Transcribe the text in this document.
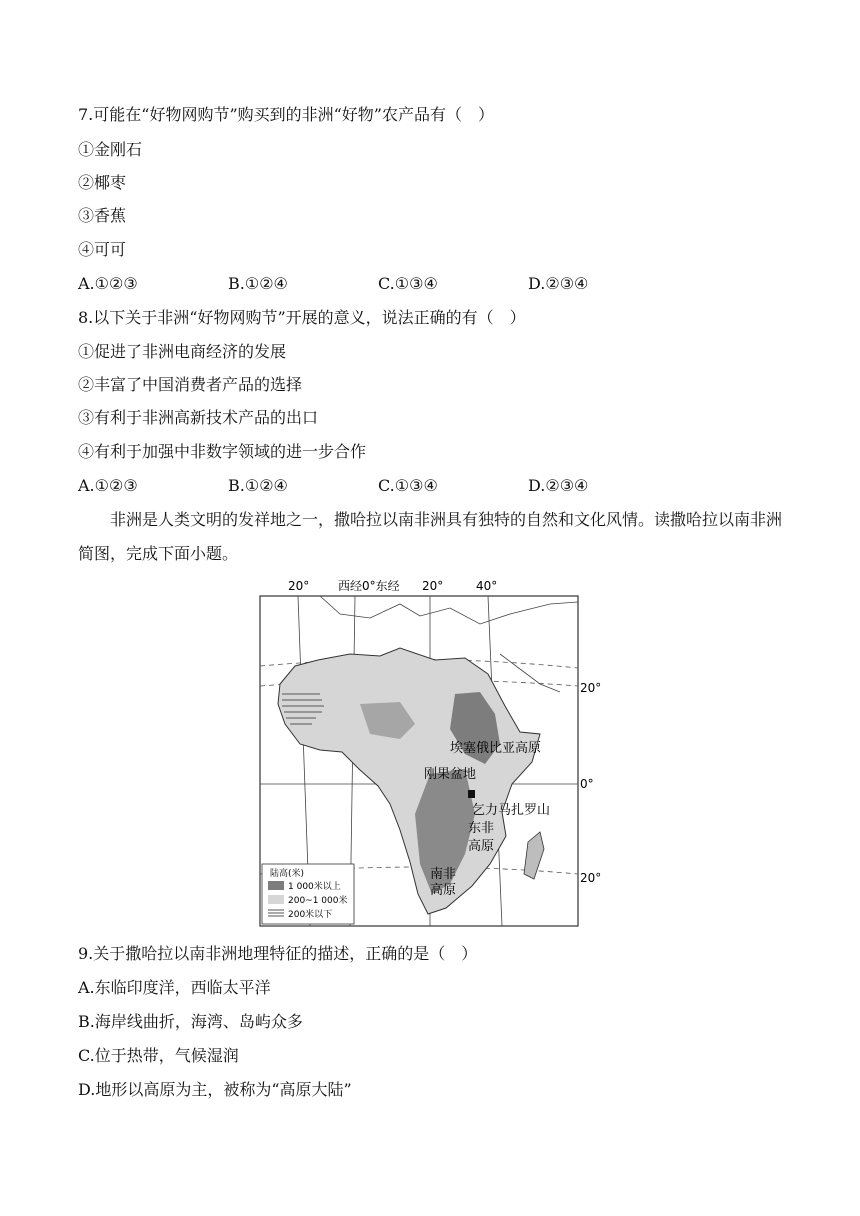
7.可能在“好物网购节”购买到的非洲“好物”农产品有（　）
①金刚石
②椰枣
③香蕉
④可可
A.①②③	B.①②④	C.①③④	D.②③④
8.以下关于非洲“好物网购节”开展的意义，说法正确的有（　）
①促进了非洲电商经济的发展
②丰富了中国消费者产品的选择
③有利于非洲高新技术产品的出口
④有利于加强中非数字领域的进一步合作
A.①②③	B.①②④	C.①③④	D.②③④
非洲是人类文明的发祥地之一，撒哈拉以南非洲具有独特的自然和文化风情。读撒哈拉以南非洲简图，完成下面小题。
20° 西经0°东经 20°	40°
20°
0°
20°
埃塞俄比亚高原
刚果盆地
乞力马扎罗山
东非
高原
南非
高原
陆高(米)
1 000米以上
200~1 000米
200米以下
9.关于撒哈拉以南非洲地理特征的描述，正确的是（　）
A.东临印度洋，西临太平洋
B.海岸线曲折，海湾、岛屿众多
C.位于热带，气候湿润
D.地形以高原为主，被称为“高原大陆”
